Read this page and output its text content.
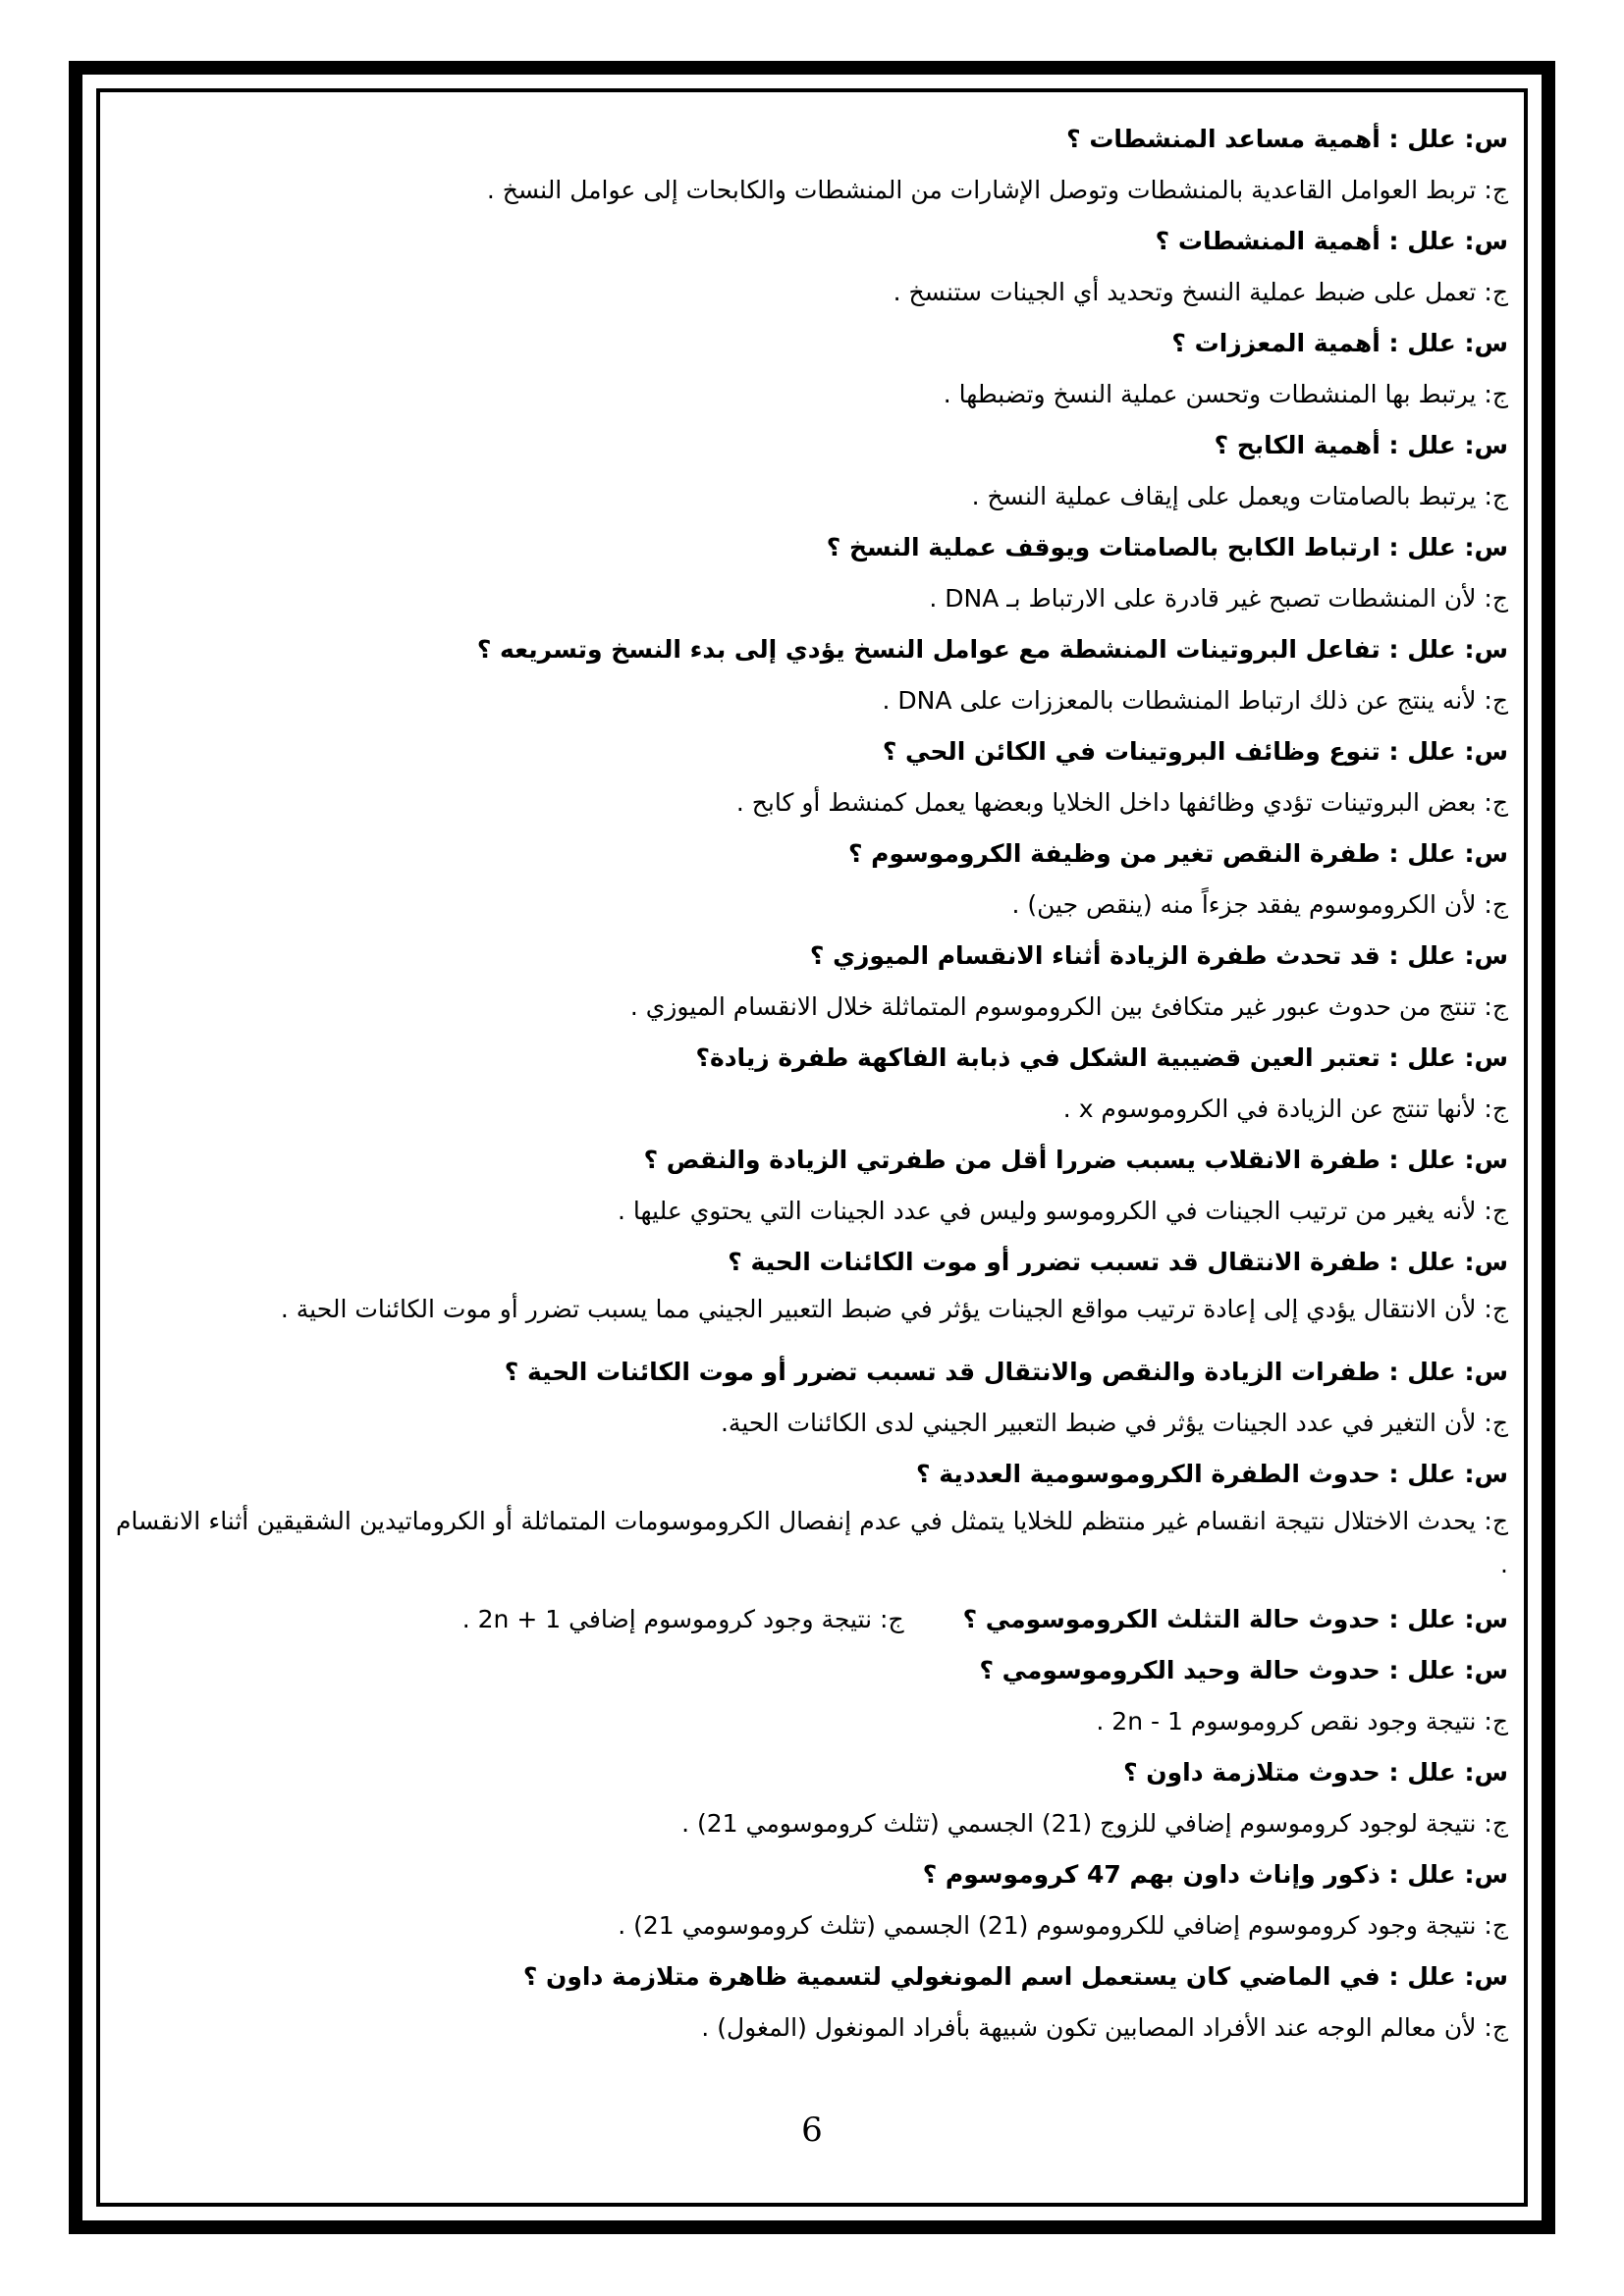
س: علل : أهمية مساعد المنشطات ؟
ج: تربط العوامل القاعدية بالمنشطات وتوصل الإشارات من المنشطات والكابحات إلى عوامل النسخ .
س: علل : أهمية المنشطات ؟
ج: تعمل على ضبط عملية النسخ وتحديد أي الجينات ستنسخ .
س: علل : أهمية المعززات ؟
ج: يرتبط بها المنشطات وتحسن عملية النسخ وتضبطها .
س: علل : أهمية الكابح ؟
ج: يرتبط بالصامتات ويعمل على إيقاف عملية النسخ .
س: علل : ارتباط الكابح بالصامتات ويوقف عملية النسخ ؟
ج: لأن المنشطات تصبح غير قادرة على الارتباط بـ DNA .
س: علل : تفاعل البروتينات المنشطة مع عوامل النسخ يؤدي إلى بدء النسخ وتسريعه ؟
ج: لأنه ينتج عن ذلك ارتباط المنشطات بالمعززات على DNA .
س: علل : تنوع وظائف البروتينات في الكائن الحي ؟
ج: بعض البروتينات تؤدي وظائفها داخل الخلايا وبعضها يعمل كمنشط أو كابح .
س: علل : طفرة النقص تغير من وظيفة الكروموسوم ؟
ج: لأن الكروموسوم يفقد جزءاً منه (ينقص جين) .
س: علل : قد تحدث طفرة الزيادة أثناء الانقسام الميوزي ؟
ج: تنتج من حدوث عبور غير متكافئ بين الكروموسوم المتماثلة خلال الانقسام الميوزي .
س: علل : تعتبر العين قضيبية الشكل في ذبابة الفاكهة طفرة زيادة؟
ج: لأنها تنتج عن الزيادة في الكروموسوم x .
س: علل : طفرة الانقلاب يسبب ضررا أقل من طفرتي الزيادة والنقص ؟
ج: لأنه يغير من ترتيب الجينات في الكروموسو وليس في عدد الجينات التي يحتوي عليها .
س: علل : طفرة الانتقال قد تسبب تضرر أو موت الكائنات الحية ؟
ج: لأن الانتقال يؤدي إلى إعادة ترتيب مواقع الجينات يؤثر في ضبط التعبير الجيني مما يسبب تضرر أو موت الكائنات الحية .
س: علل : طفرات الزيادة والنقص والانتقال قد تسبب تضرر أو موت الكائنات الحية ؟
ج: لأن التغير في عدد الجينات يؤثر في ضبط التعبير الجيني لدى الكائنات الحية.
س: علل : حدوث الطفرة الكروموسومية العددية ؟
ج: يحدث الاختلال نتيجة انقسام غير منتظم للخلايا يتمثل في عدم إنفصال الكروموسومات المتماثلة أو الكروماتيدين الشقيقين أثناء الانقسام .
س: علل : حدوث حالة التثلث الكروموسومي ؟ج: نتيجة وجود كروموسوم إضافي 2n + 1 .
س: علل : حدوث حالة وحيد الكروموسومي ؟
ج: نتيجة وجود نقص كروموسوم 1 - 2n .
س: علل : حدوث متلازمة داون ؟
ج: نتيجة لوجود كروموسوم إضافي للزوج (21) الجسمي (تثلث كروموسومي 21) .
س: علل : ذكور وإناث داون بهم 47 كروموسوم ؟
ج: نتيجة وجود كروموسوم إضافي للكروموسوم (21) الجسمي (تثلث كروموسومي 21) .
س: علل : في الماضي كان يستعمل اسم المونغولي لتسمية ظاهرة متلازمة داون ؟
ج: لأن معالم الوجه عند الأفراد المصابين تكون شبيهة بأفراد المونغول (المغول) .
6
